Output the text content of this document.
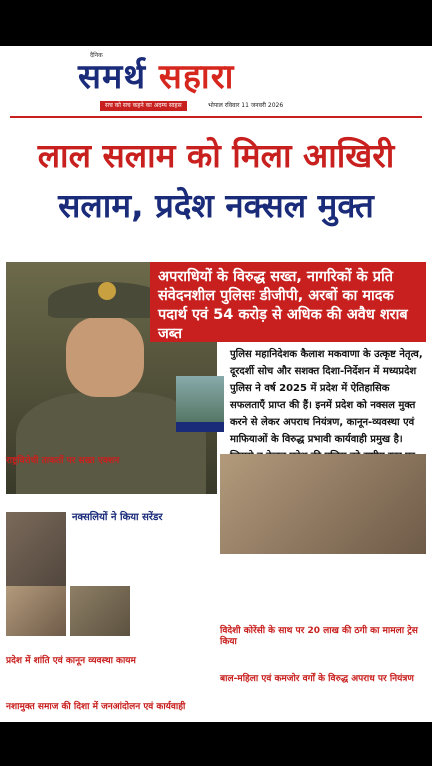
दैनिक
समर्थ सहारा
सच को सच कहने का अदम्य साहस	भोपाल रविवार 11 जनवरी 2026
लाल सलाम को मिला आखिरी
सलाम, प्रदेश नक्सल मुक्त
अपराधियों के विरुद्ध सख्त, नागरिकों के प्रति संवेदनशील पुलिसः डीजीपी, अरबों का मादक पदार्थ एवं 54 करोड़ से अधिक की अवैध शराब जब्त
पुलिस महानिदेशक कैलाश मकवाणा के उत्कृष्ट नेतृत्व, दूरदर्शी सोच और सशक्त दिशा-निर्देशन में मध्यप्रदेश पुलिस ने वर्ष 2025 में प्रदेश में ऐतिहासिक सफलताएँ प्राप्त की हैं। इनमें प्रदेश को नक्सल मुक्त करने से लेकर अपराध नियंत्रण, कानून-व्यवस्था एवं माफियाओं के विरुद्ध प्रभावी कार्यवाही प्रमुख है।
राष्ट्रविरोधी ताकतों पर सख्त एक्शन
नक्सलियों ने किया सरेंडर
विदेशी कोरेंसी के साथ पर 20 लाख की ठगी का मामला ट्रेस किया
प्रदेश में शांति एवं कानून व्यवस्था कायम
बाल-महिला एवं कमजोर वर्गों के विरुद्ध अपराध पर नियंत्रण
नशामुक्त समाज की दिशा में जनआंदोलन एवं कार्यवाही
